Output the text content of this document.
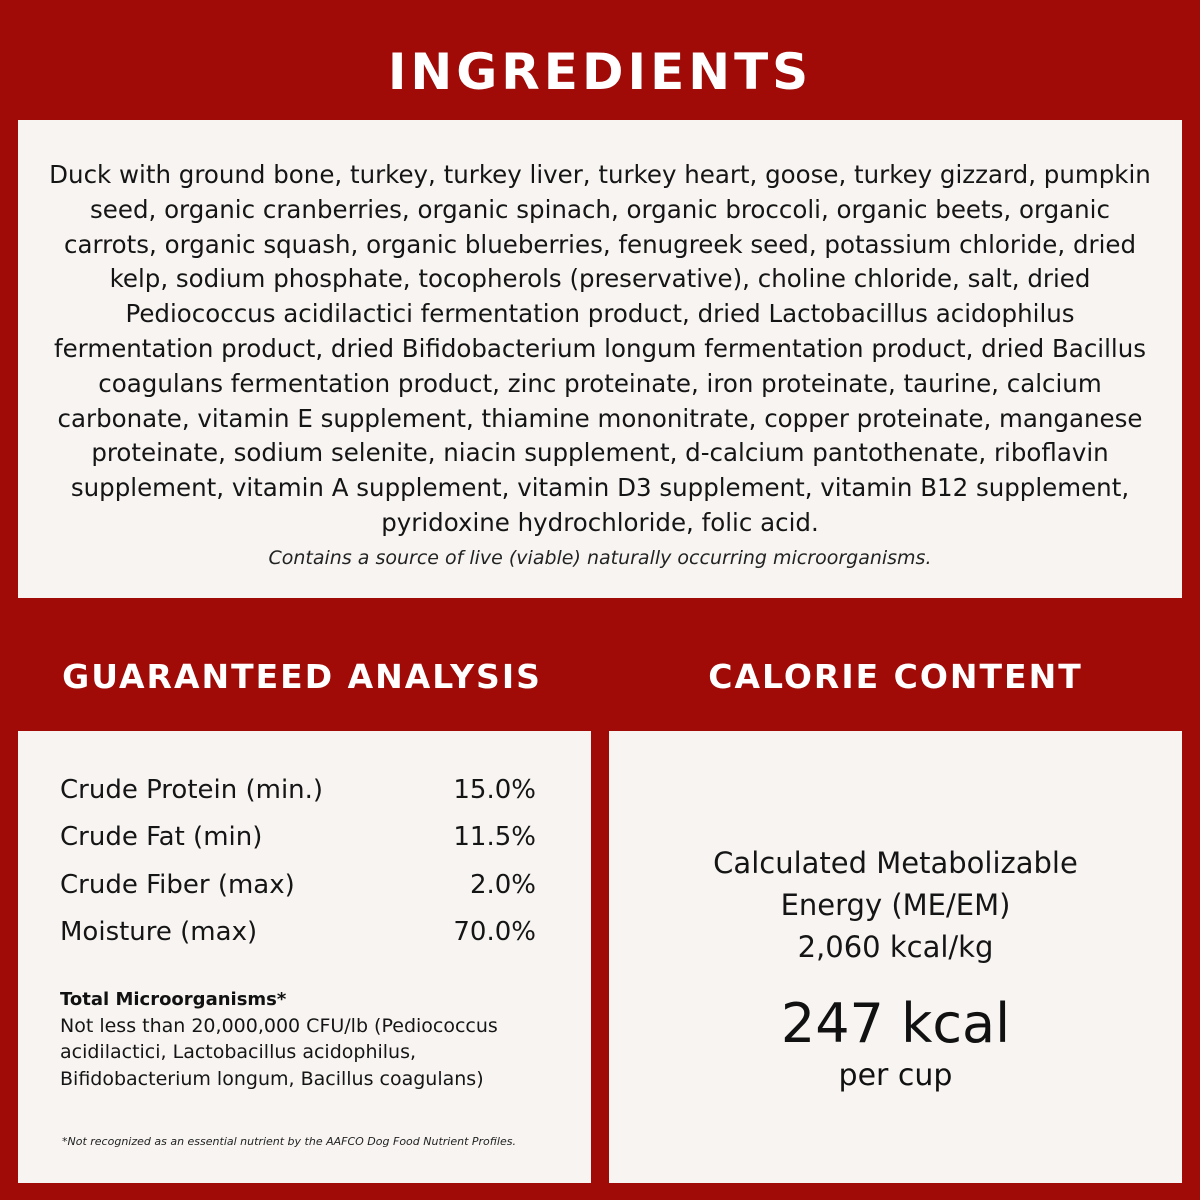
INGREDIENTS

Duck with ground bone, turkey, turkey liver, turkey heart, goose, turkey gizzard, pumpkin seed, organic cranberries, organic spinach, organic broccoli, organic beets, organic carrots, organic squash, organic blueberries, fenugreek seed, potassium chloride, dried kelp, sodium phosphate, tocopherols (preservative), choline chloride, salt, dried Pediococcus acidilactici fermentation product, dried Lactobacillus acidophilus fermentation product, dried Bifidobacterium longum fermentation product, dried Bacillus coagulans fermentation product, zinc proteinate, iron proteinate, taurine, calcium carbonate, vitamin E supplement, thiamine mononitrate, copper proteinate, manganese proteinate, sodium selenite, niacin supplement, d-calcium pantothenate, riboflavin supplement, vitamin A supplement, vitamin D3 supplement, vitamin B12 supplement, pyridoxine hydrochloride, folic acid.

Contains a source of live (viable) naturally occurring microorganisms.
GUARANTEED ANALYSIS	CALORIE CONTENT
Crude Protein (min.)	15.0%
Crude Fat (min)	11.5%
Crude Fiber (max)	2.0%
Moisture (max)	70.0%
Total Microorganisms*
Not less than 20,000,000 CFU/lb (Pediococcus acidilactici, Lactobacillus acidophilus, Bifidobacterium longum, Bacillus coagulans)
*Not recognized as an essential nutrient by the AAFCO Dog Food Nutrient Profiles.
Calculated Metabolizable
Energy (ME/EM)
2,060 kcal/kg
247 kcal
per cup
